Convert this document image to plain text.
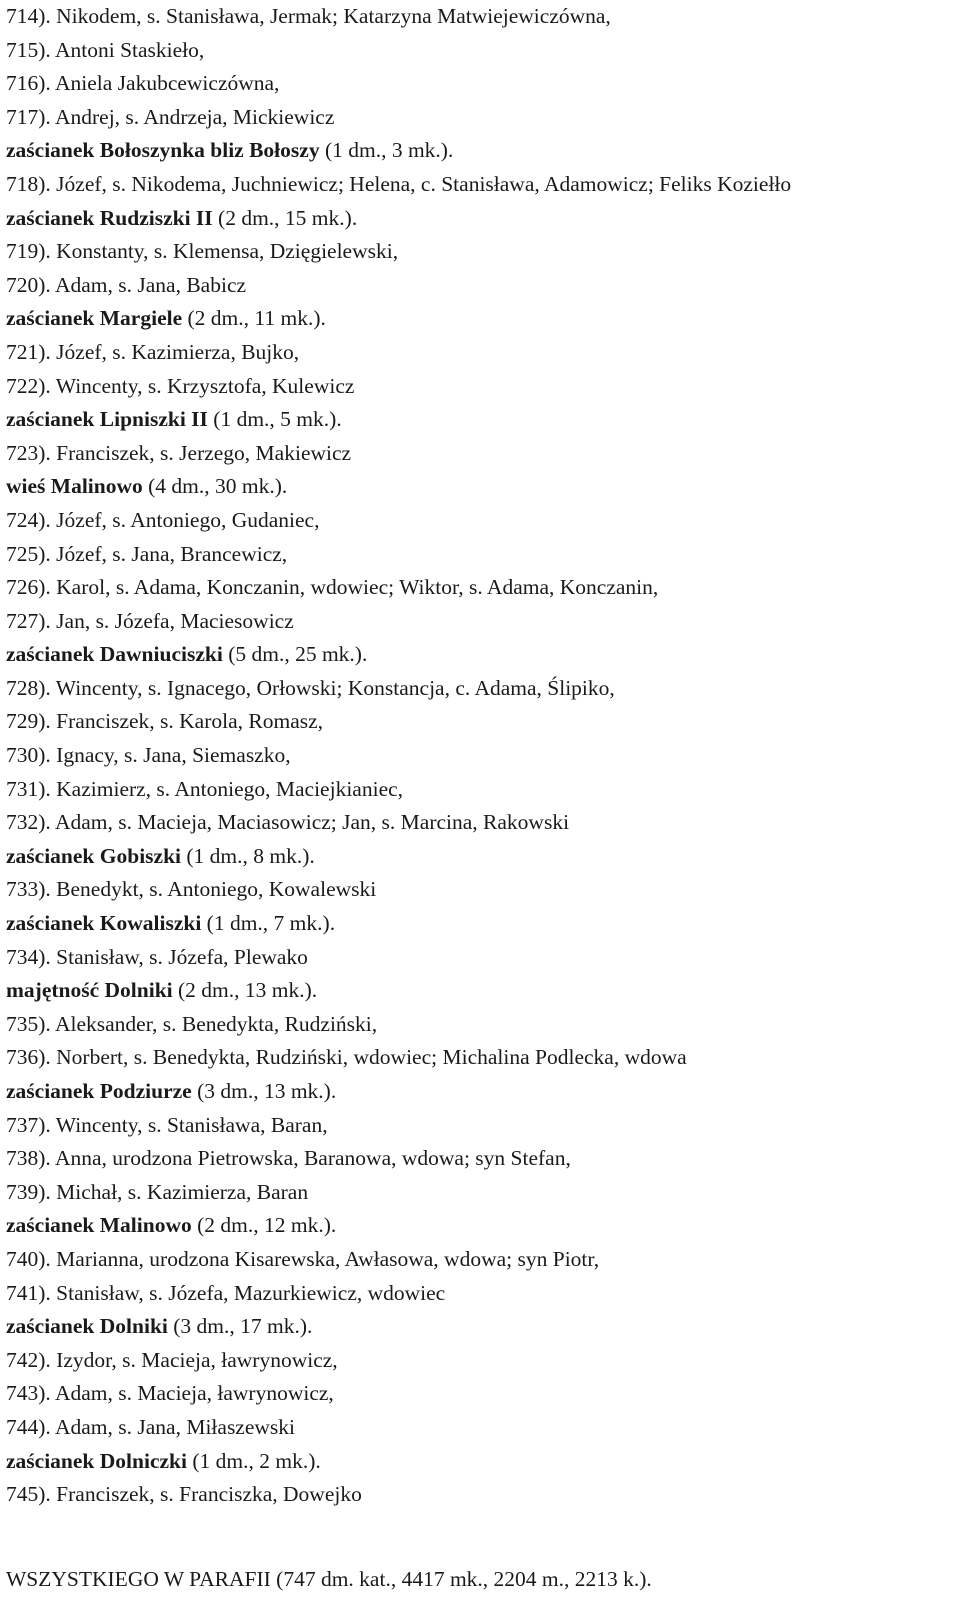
714). Nikodem, s. Stanisława, Jermak; Katarzyna Matwiejewiczówna,
715). Antoni Staskieło,
716). Aniela Jakubcewiczówna,
717). Andrej, s. Andrzeja, Mickiewicz
zaścianek Bołoszynka bliz Bołoszy (1 dm., 3 mk.).
718). Józef, s. Nikodema, Juchniewicz; Helena, c. Stanisława, Adamowicz; Feliks Koziełło
zaścianek Rudziszki II (2 dm., 15 mk.).
719). Konstanty, s. Klemensa, Dzięgielewski,
720). Adam, s. Jana, Babicz
zaścianek Margiele (2 dm., 11 mk.).
721). Józef, s. Kazimierza, Bujko,
722). Wincenty, s. Krzysztofa, Kulewicz
zaścianek Lipniszki II (1 dm., 5 mk.).
723). Franciszek, s. Jerzego, Makiewicz
wieś Malinowo (4 dm., 30 mk.).
724). Józef, s. Antoniego, Gudaniec,
725). Józef, s. Jana, Brancewicz,
726). Karol, s. Adama, Konczanin, wdowiec; Wiktor, s. Adama, Konczanin,
727). Jan, s. Józefa, Maciesowicz
zaścianek Dawniuciszki (5 dm., 25 mk.).
728). Wincenty, s. Ignacego, Orłowski; Konstancja, c. Adama, Ślipiko,
729). Franciszek, s. Karola, Romasz,
730). Ignacy, s. Jana, Siemaszko,
731). Kazimierz, s. Antoniego, Maciejkianiec,
732). Adam, s. Macieja, Maciasowicz; Jan, s. Marcina, Rakowski
zaścianek Gobiszki (1 dm., 8 mk.).
733). Benedykt, s. Antoniego, Kowalewski
zaścianek Kowaliszki (1 dm., 7 mk.).
734). Stanisław, s. Józefa, Plewako
majętność Dolniki (2 dm., 13 mk.).
735). Aleksander, s. Benedykta, Rudziński,
736). Norbert, s. Benedykta, Rudziński, wdowiec; Michalina Podlecka, wdowa
zaścianek Podziurze (3 dm., 13 mk.).
737). Wincenty, s. Stanisława, Baran,
738). Anna, urodzona Pietrowska, Baranowa, wdowa; syn Stefan,
739). Michał, s. Kazimierza, Baran
zaścianek Malinowo (2 dm., 12 mk.).
740). Marianna, urodzona Kisarewska, Awłasowa, wdowa; syn Piotr,
741). Stanisław, s. Józefa, Mazurkiewicz, wdowiec
zaścianek Dolniki (3 dm., 17 mk.).
742). Izydor, s. Macieja, ławrynowicz,
743). Adam, s. Macieja, ławrynowicz,
744). Adam, s. Jana, Miłaszewski
zaścianek Dolniczki (1 dm., 2 mk.).
745). Franciszek, s. Franciszka, Dowejko
WSZYSTKIEGO W PARAFII (747 dm. kat., 4417 mk., 2204 m., 2213 k.).
